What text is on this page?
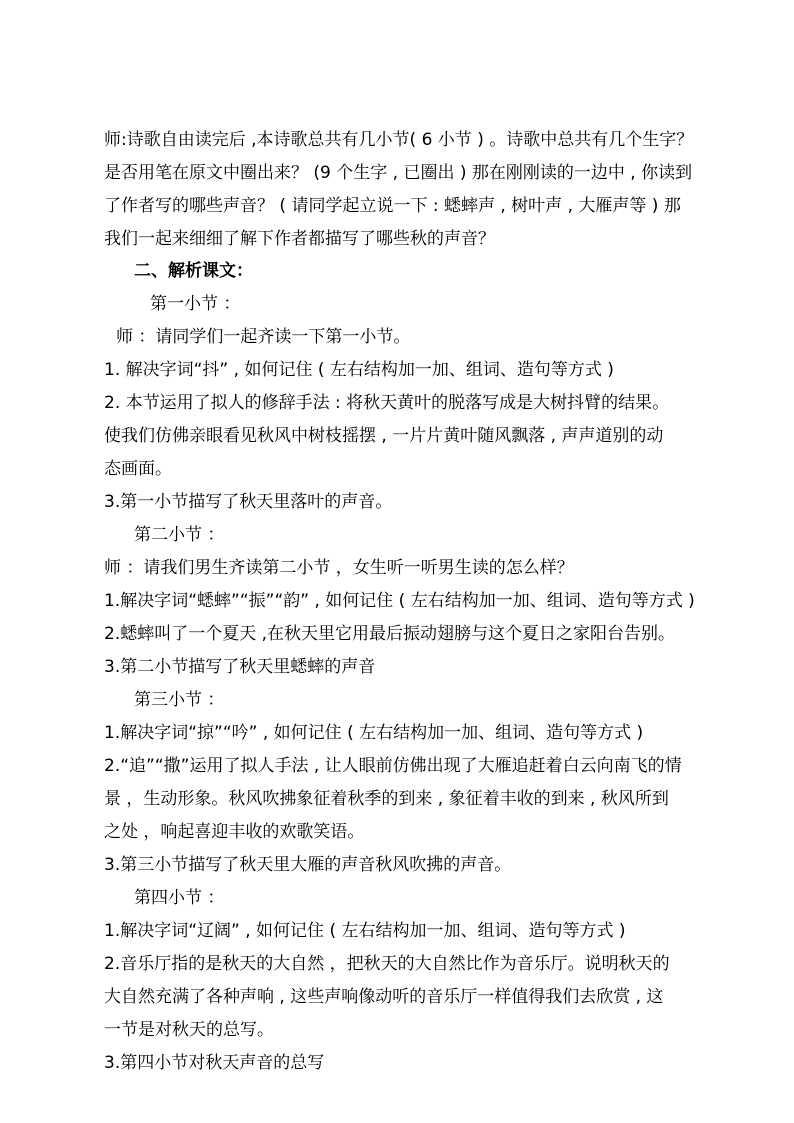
师:诗歌自由读完后 ,本诗歌总共有几小节( 6 小节 ) 。诗歌中总共有几个生字？
是否用笔在原文中圈出来？ (9 个生字 , 已圈出 ) 那在刚刚读的一边中 , 你读到
了作者写的哪些声音？ ( 请同学起立说一下 : 蟋蟀声 , 树叶声 , 大雁声等 ) 那
我们一起来细细了解下作者都描写了哪些秋的声音？
二、解析课文：
第一小节 ：
师 ：请同学们一起齐读一下第一小节。
1. 解决字词“抖” , 如何记住 ( 左右结构加一加、组词、造句等方式 )
2. 本节运用了拟人的修辞手法 : 将秋天黄叶的脱落写成是大树抖臂的结果。
使我们仿佛亲眼看见秋风中树枝摇摆 , 一片片黄叶随风飘落 , 声声道别的动
态画面。
3.第一小节描写了秋天里落叶的声音。
第二小节 ：
师 ：请我们男生齐读第二小节 ，女生听一听男生读的怎么样？
1.解决字词“蟋蟀”“振”“韵” , 如何记住 ( 左右结构加一加、组词、造句等方式 )
2.蟋蟀叫了一个夏天 ,在秋天里它用最后振动翅膀与这个夏日之家阳台告别。
3.第二小节描写了秋天里蟋蟀的声音
第三小节 ：
1.解决字词“掠”“吟” , 如何记住 ( 左右结构加一加、组词、造句等方式 )
2.“追”“撒”运用了拟人手法 , 让人眼前仿佛出现了大雁追赶着白云向南飞的情
景 ，生动形象。秋风吹拂象征着秋季的到来 , 象征着丰收的到来 , 秋风所到
之处 ，响起喜迎丰收的欢歌笑语。
3.第三小节描写了秋天里大雁的声音秋风吹拂的声音。
第四小节 ：
1.解决字词“辽阔” , 如何记住 ( 左右结构加一加、组词、造句等方式 )
2.音乐厅指的是秋天的大自然 ，把秋天的大自然比作为音乐厅。说明秋天的
大自然充满了各种声响 , 这些声响像动听的音乐厅一样值得我们去欣赏 , 这
一节是对秋天的总写。
3.第四小节对秋天声音的总写
